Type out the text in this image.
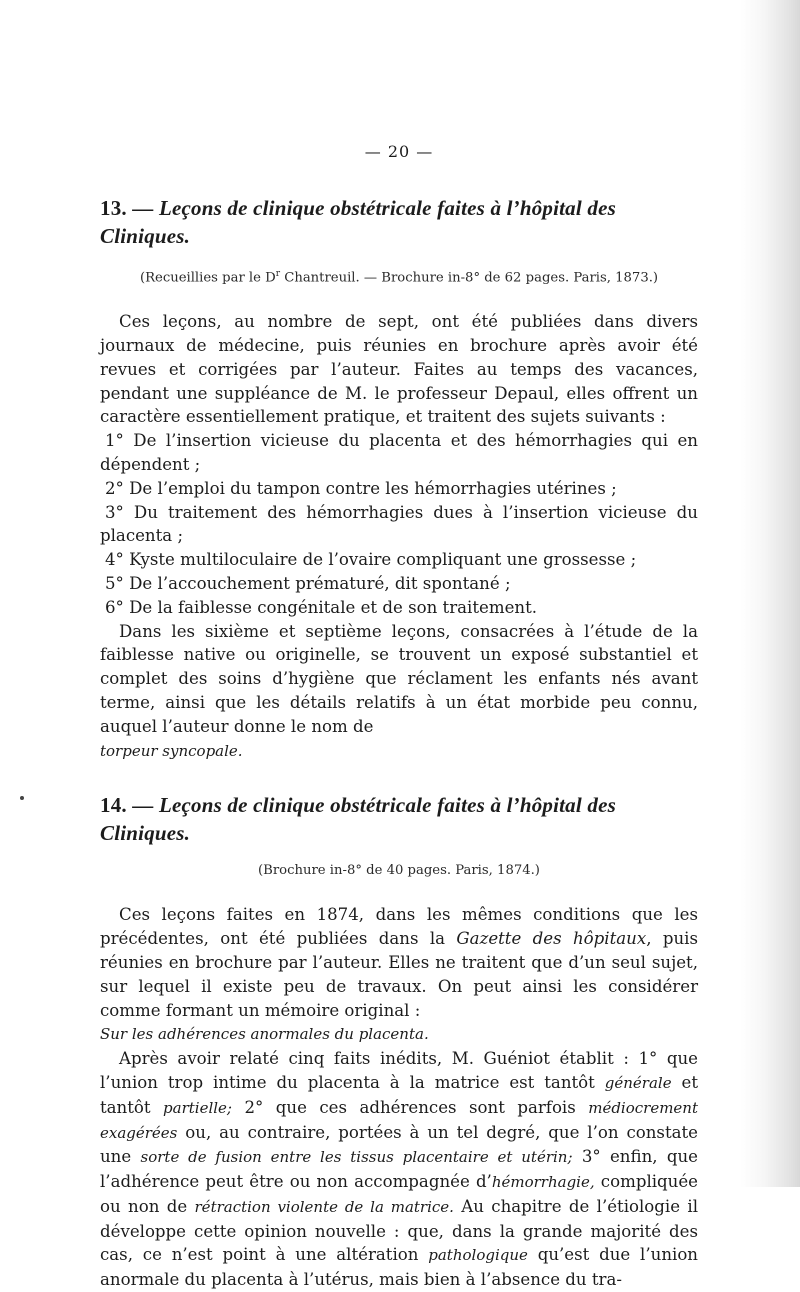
— 20 —
13. — Leçons de clinique obstétricale faites à l’hôpital des Cliniques.
(Recueillies par le $D^r$ Chantreuil. — Brochure in-8° de 62 pages. Paris, 1873.)

Ces leçons, au nombre de sept, ont été publiées dans divers journaux de médecine, puis réunies en brochure après avoir été revues et corrigées par l’auteur. Faites au temps des vacances, pendant une suppléance de M. le professeur Depaul, elles offrent un caractère essentiellement pratique, et traitent des sujets suivants :

1° De l’insertion vicieuse du placenta et des hémorrhagies qui en dépendent ;

2° De l’emploi du tampon contre les hémorrhagies utérines ;

3° Du traitement des hémorrhagies dues à l’insertion vicieuse du placenta ;

4° Kyste multiloculaire de l’ovaire compliquant une grossesse ;

5° De l’accouchement prématuré, dit spontané ;

6° De la faiblesse congénitale et de son traitement.

Dans les sixième et septième leçons, consacrées à l’étude de la faiblesse native ou originelle, se trouvent un exposé substantiel et complet des soins d’hygiène que réclament les enfants nés avant terme, ainsi que les détails relatifs à un état morbide peu connu, auquel l’auteur donne le nom de
torpeur syncopale.

14. — Leçons de clinique obstétricale faites à l’hôpital des Cliniques.
(Brochure in-8° de 40 pages. Paris, 1874.)

Ces leçons faites en 1874, dans les mêmes conditions que les précédentes, ont été publiées dans la Gazette des hôpitaux, puis réunies en brochure par l’auteur. Elles ne traitent que d’un seul sujet, sur lequel il existe peu de travaux. On peut ainsi les considérer comme formant un mémoire original :
Sur les adhérences anormales du placenta.

Après avoir relaté cinq faits inédits, M. Guéniot établit : 1° que l’union trop intime du placenta à la matrice est tantôt générale et tantôt partielle; 2° que ces adhérences sont parfois médiocrement exagérées ou, au contraire, portées à un tel degré, que l’on constate une sorte de fusion entre les tissus placentaire et utérin; 3° enfin, que l’adhérence peut être ou non accompagnée d’hémorrhagie, compliquée ou non de rétraction violente de la matrice. Au chapitre de l’étiologie il développe cette opinion nouvelle : que, dans la grande majorité des cas, ce n’est point à une altération pathologique qu’est due l’union anormale du placenta à l’utérus, mais bien à l’absence du tra-
